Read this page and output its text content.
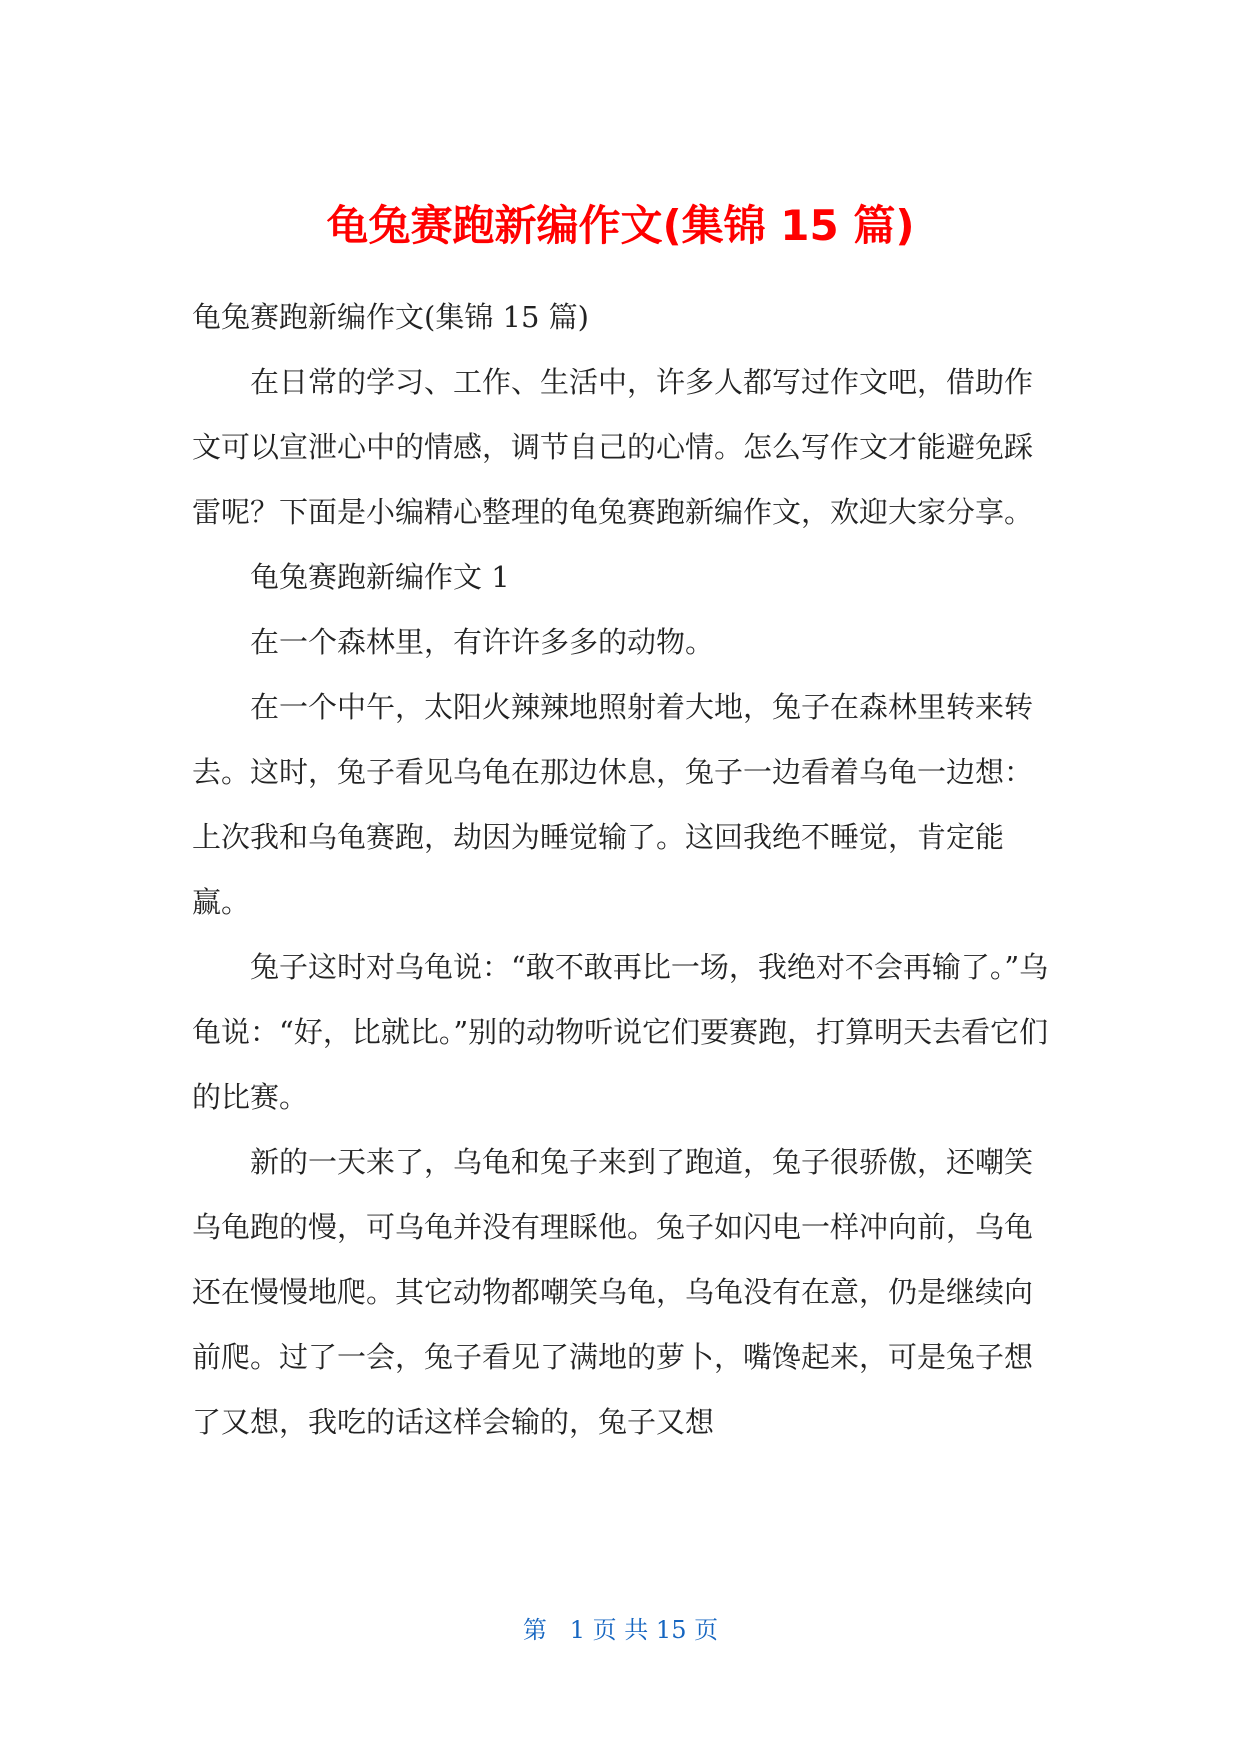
龟兔赛跑新编作文(集锦 15 篇)

龟兔赛跑新编作文(集锦 15 篇)

在日常的学习、工作、生活中，许多人都写过作文吧，借助作文可以宣泄心中的情感，调节自己的心情。怎么写作文才能避免踩雷呢？下面是小编精心整理的龟兔赛跑新编作文，欢迎大家分享。

龟兔赛跑新编作文 1

在一个森林里，有许许多多的动物。

在一个中午，太阳火辣辣地照射着大地，兔子在森林里转来转去。这时，兔子看见乌龟在那边休息，兔子一边看着乌龟一边想：上次我和乌龟赛跑，劫因为睡觉输了。这回我绝不睡觉，肯定能赢。

兔子这时对乌龟说：“敢不敢再比一场，我绝对不会再输了。”乌龟说：“好，比就比。”别的动物听说它们要赛跑，打算明天去看它们的比赛。

新的一天来了，乌龟和兔子来到了跑道，兔子很骄傲，还嘲笑乌龟跑的慢，可乌龟并没有理睬他。兔子如闪电一样冲向前，乌龟还在慢慢地爬。其它动物都嘲笑乌龟，乌龟没有在意，仍是继续向前爬。过了一会，兔子看见了满地的萝卜，嘴馋起来，可是兔子想了又想，我吃的话这样会输的，兔子又想

第   1 页 共 15 页
